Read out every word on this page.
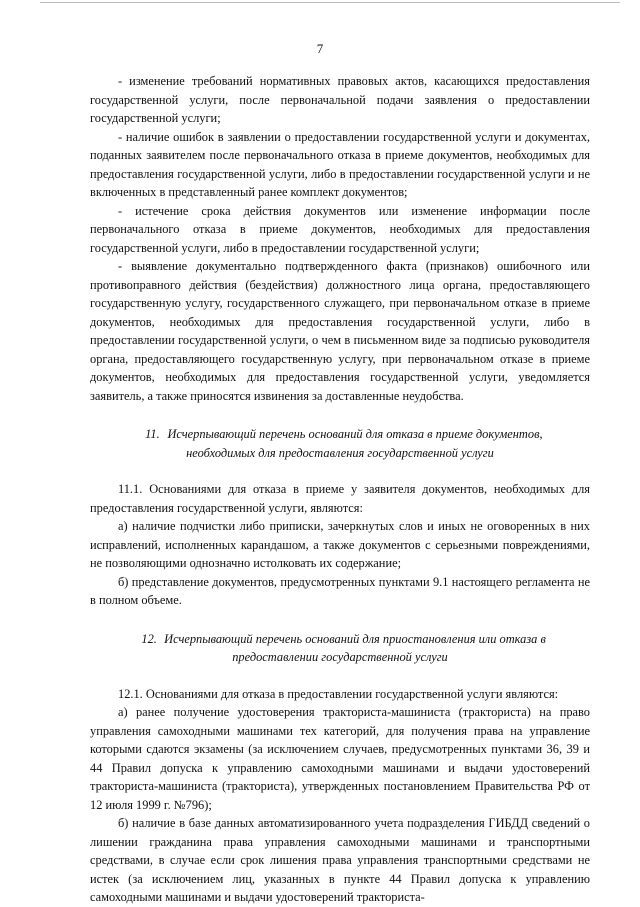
7

- изменение требований нормативных правовых актов, касающихся предоставления государственной услуги, после первоначальной подачи заявления о предоставлении государственной услуги;

- наличие ошибок в заявлении о предоставлении государственной услуги и документах, поданных заявителем после первоначального отказа в приеме документов, необходимых для предоставления государственной услуги, либо в предоставлении государственной услуги и не включенных в представленный ранее комплект документов;

- истечение срока действия документов или изменение информации после первоначального отказа в приеме документов, необходимых для предоставления государственной услуги, либо в предоставлении государственной услуги;

- выявление документально подтвержденного факта (признаков) ошибочного или противоправного действия (бездействия) должностного лица органа, предоставляющего государственную услугу, государственного служащего, при первоначальном отказе в приеме документов, необходимых для предоставления государственной услуги, либо в предоставлении государственной услуги, о чем в письменном виде за подписью руководителя органа, предоставляющего государственную услугу, при первоначальном отказе в приеме документов, необходимых для предоставления государственной услуги, уведомляется заявитель, а также приносятся извинения за доставленные неудобства.

11. Исчерпывающий перечень оснований для отказа в приеме документов,

необходимых для предоставления государственной услуги

11.1. Основаниями для отказа в приеме у заявителя документов, необходимых для предоставления государственной услуги, являются:

а) наличие подчистки либо приписки, зачеркнутых слов и иных не оговоренных в них исправлений, исполненных карандашом, а также документов с серьезными повреждениями, не позволяющими однозначно истолковать их содержание;

б) представление документов, предусмотренных пунктами 9.1 настоящего регламента не в полном объеме.

12. Исчерпывающий перечень оснований для приостановления или отказа в

предоставлении государственной услуги

12.1. Основаниями для отказа в предоставлении государственной услуги являются:

а) ранее получение удостоверения тракториста-машиниста (тракториста) на право управления самоходными машинами тех категорий, для получения права на управление которыми сдаются экзамены (за исключением случаев, предусмотренных пунктами 36, 39 и 44 Правил допуска к управлению самоходными машинами и выдачи удостоверений тракториста-машиниста (тракториста), утвержденных постановлением Правительства РФ от 12 июля 1999 г. №796);

б) наличие в базе данных автоматизированного учета подразделения ГИБДД сведений о лишении гражданина права управления самоходными машинами и транспортными средствами, в случае если срок лишения права управления транспортными средствами не истек (за исключением лиц, указанных в пункте 44 Правил допуска к управлению самоходными машинами и выдачи удостоверений тракториста-
